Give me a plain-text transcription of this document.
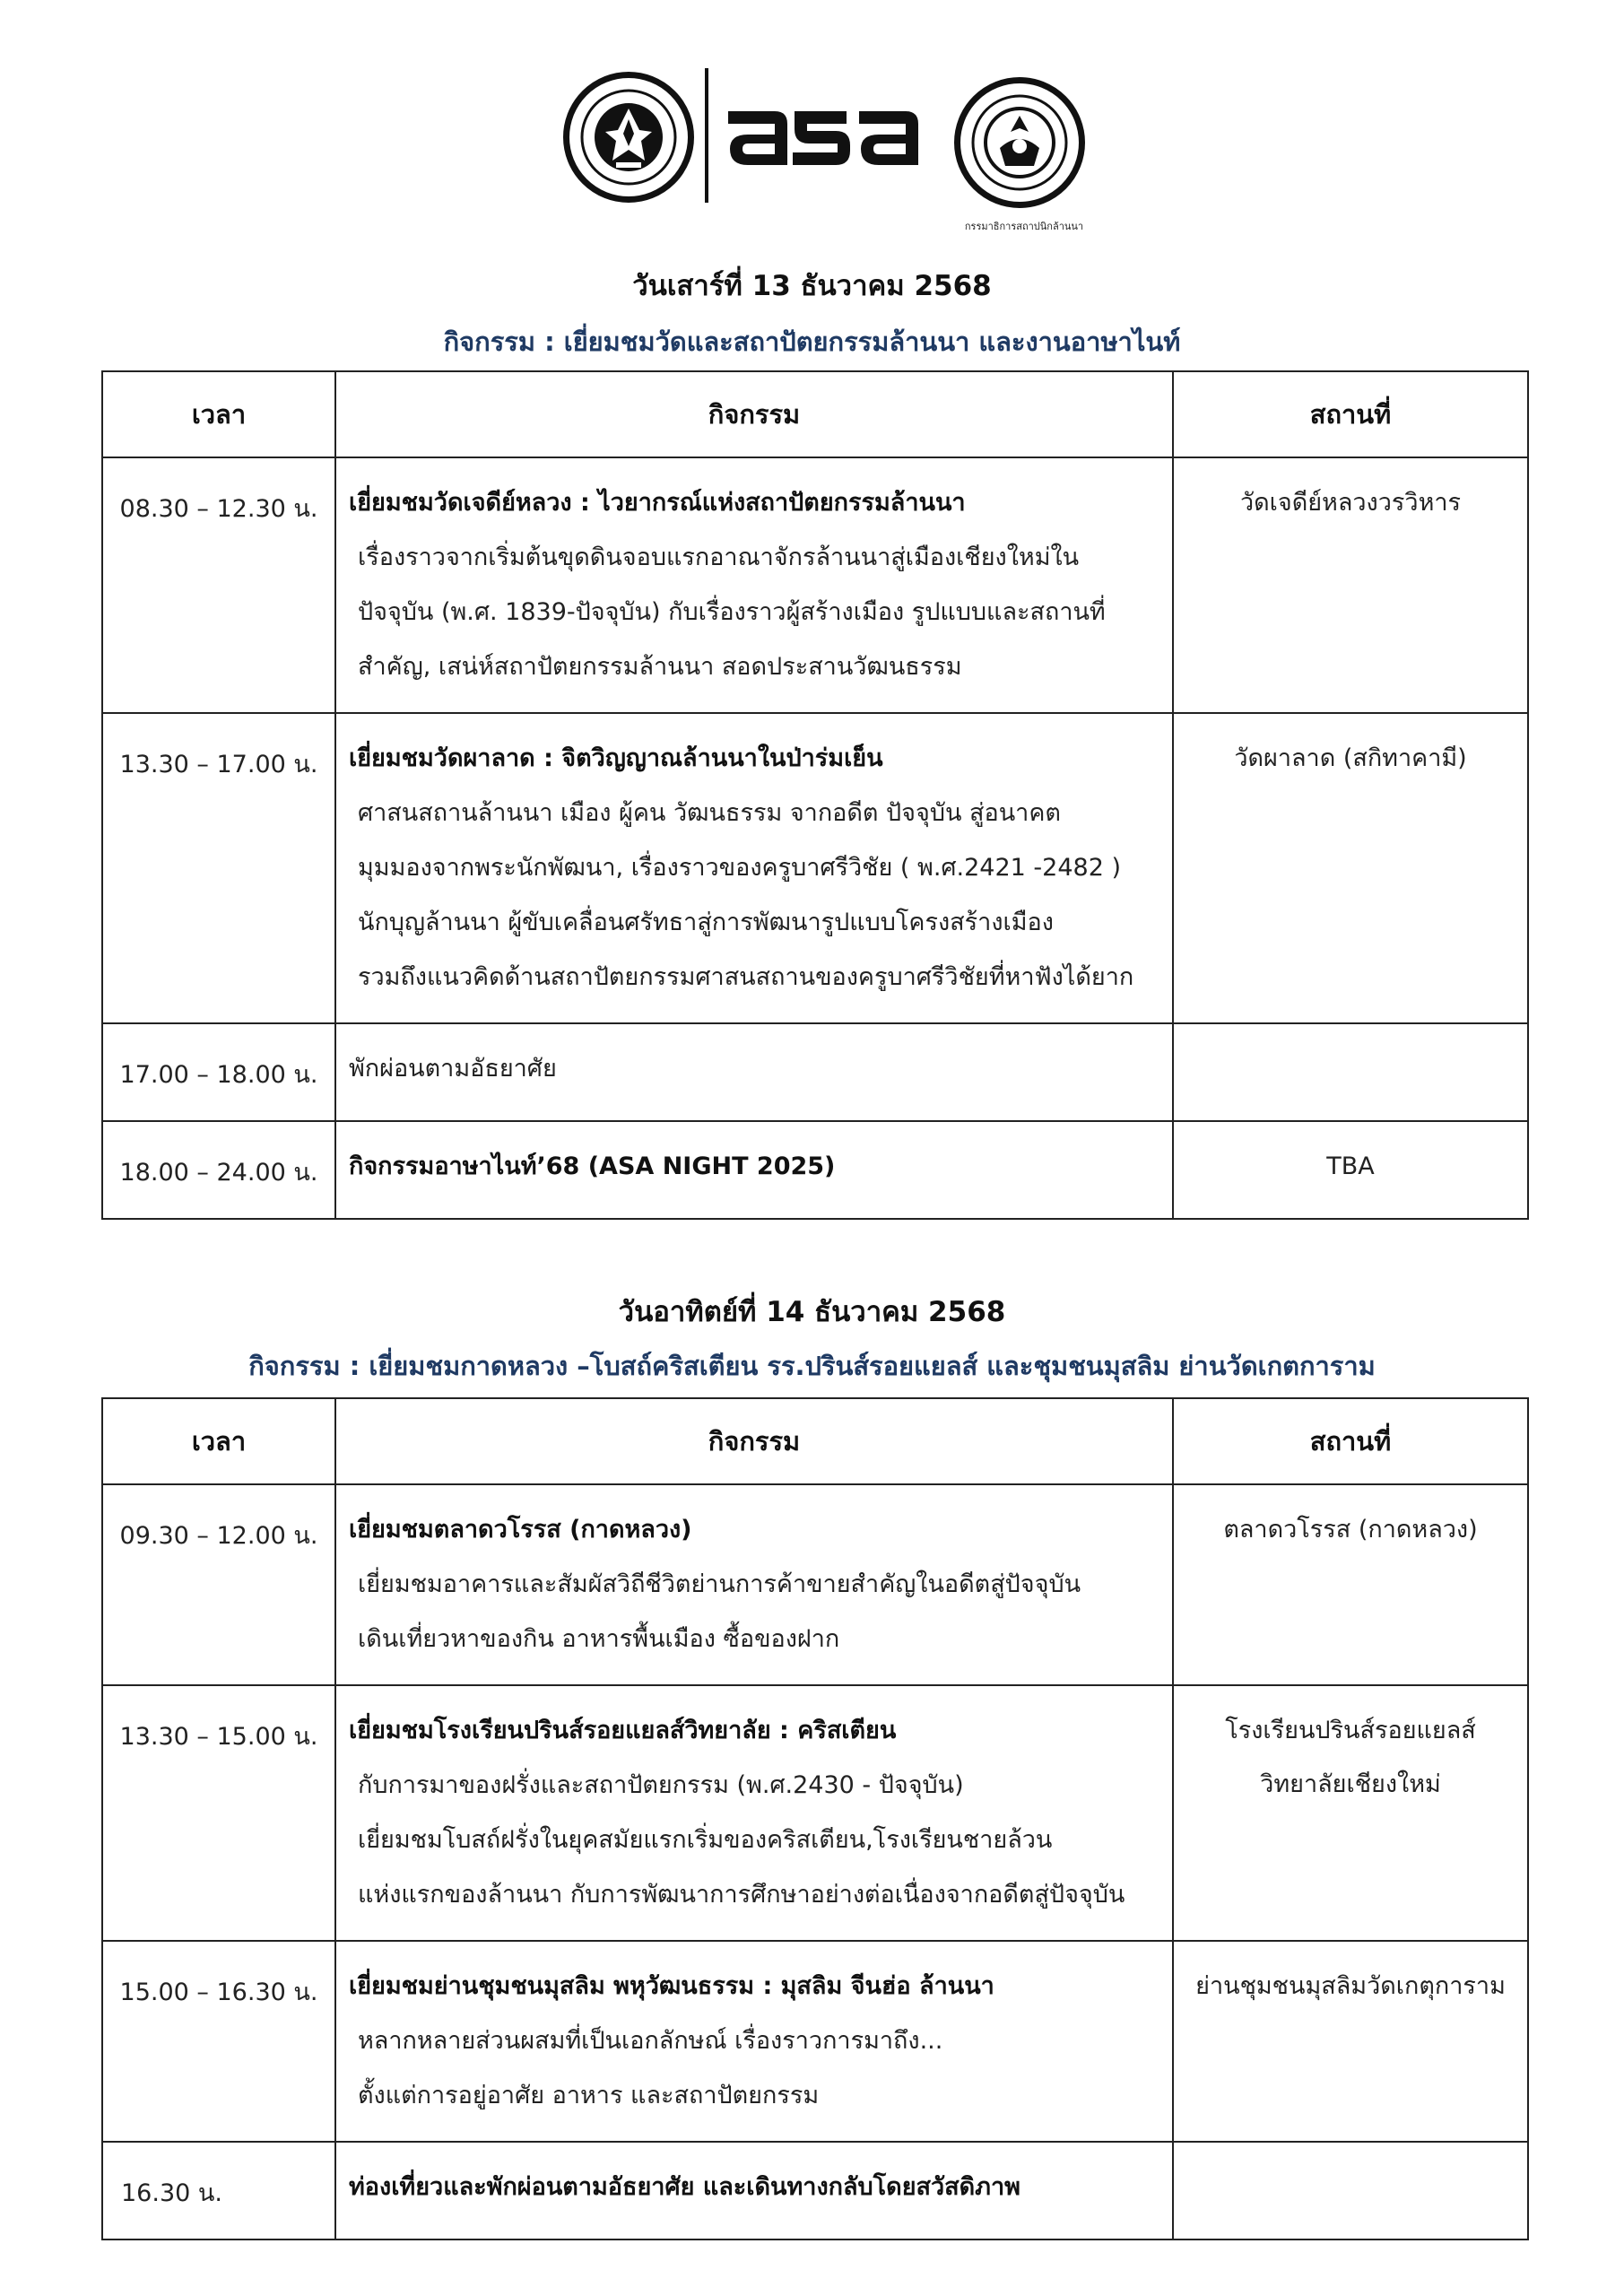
กรรมาธิการสถาปนิกล้านนา
วันเสาร์ที่ 13 ธันวาคม 2568
กิจกรรม : เยี่ยมชมวัดและสถาปัตยกรรมล้านนา และงานอาษาไนท์
เวลา	กิจกรรม	สถานที่
08.30 – 12.30 น.	เยี่ยมชมวัดเจดีย์หลวง : ไวยากรณ์แห่งสถาปัตยกรรมล้านนา
เรื่องราวจากเริ่มต้นขุดดินจอบแรกอาณาจักรล้านนาสู่เมืองเชียงใหม่ใน
ปัจจุบัน (พ.ศ. 1839-ปัจจุบัน) กับเรื่องราวผู้สร้างเมือง รูปแบบและสถานที่
สำคัญ, เสน่ห์สถาปัตยกรรมล้านนา สอดประสานวัฒนธรรม	วัดเจดีย์หลวงวรวิหาร

13.30 – 17.00 น.	เยี่ยมชมวัดผาลาด : จิตวิญญาณล้านนาในป่าร่มเย็น
ศาสนสถานล้านนา เมือง ผู้คน วัฒนธรรม จากอดีต ปัจจุบัน สู่อนาคต
มุมมองจากพระนักพัฒนา, เรื่องราวของครูบาศรีวิชัย ( พ.ศ.2421 -2482 )
นักบุญล้านนา ผู้ขับเคลื่อนศรัทธาสู่การพัฒนารูปแบบโครงสร้างเมือง
รวมถึงแนวคิดด้านสถาปัตยกรรมศาสนสถานของครูบาศรีวิชัยที่หาฟังได้ยาก	วัดผาลาด (สกิทาคามี)

17.00 – 18.00 น.	พักผ่อนตามอัธยาศัย	

18.00 – 24.00 น.	กิจกรรมอาษาไนท์’68 (ASA NIGHT 2025)	TBA
วันอาทิตย์ที่ 14 ธันวาคม 2568
กิจกรรม : เยี่ยมชมกาดหลวง –โบสถ์คริสเตียน รร.ปรินส์รอยแยลส์ และชุมชนมุสลิม ย่านวัดเกตการาม
เวลา	กิจกรรม	สถานที่
09.30 – 12.00 น.	เยี่ยมชมตลาดวโรรส (กาดหลวง)
เยี่ยมชมอาคารและสัมผัสวิถีชีวิตย่านการค้าขายสำคัญในอดีตสู่ปัจจุบัน
เดินเที่ยวหาของกิน อาหารพื้นเมือง ซื้อของฝาก	ตลาดวโรรส (กาดหลวง)

13.30 – 15.00 น.	เยี่ยมชมโรงเรียนปรินส์รอยแยลส์วิทยาลัย : คริสเตียน
กับการมาของฝรั่งและสถาปัตยกรรม (พ.ศ.2430 - ปัจจุบัน)
เยี่ยมชมโบสถ์ฝรั่งในยุคสมัยแรกเริ่มของคริสเตียน,โรงเรียนชายล้วน
แห่งแรกของล้านนา กับการพัฒนาการศึกษาอย่างต่อเนื่องจากอดีตสู่ปัจจุบัน	โรงเรียนปรินส์รอยแยลส์
วิทยาลัยเชียงใหม่

15.00 – 16.30 น.	เยี่ยมชมย่านชุมชนมุสลิม พหุวัฒนธรรม : มุสลิม จีนฮ่อ ล้านนา
หลากหลายส่วนผสมที่เป็นเอกลักษณ์ เรื่องราวการมาถึง...
ตั้งแต่การอยู่อาศัย อาหาร และสถาปัตยกรรม	ย่านชุมชนมุสลิมวัดเกตุการาม

16.30 น.	ท่องเที่ยวและพักผ่อนตามอัธยาศัย และเดินทางกลับโดยสวัสดิภาพ	
